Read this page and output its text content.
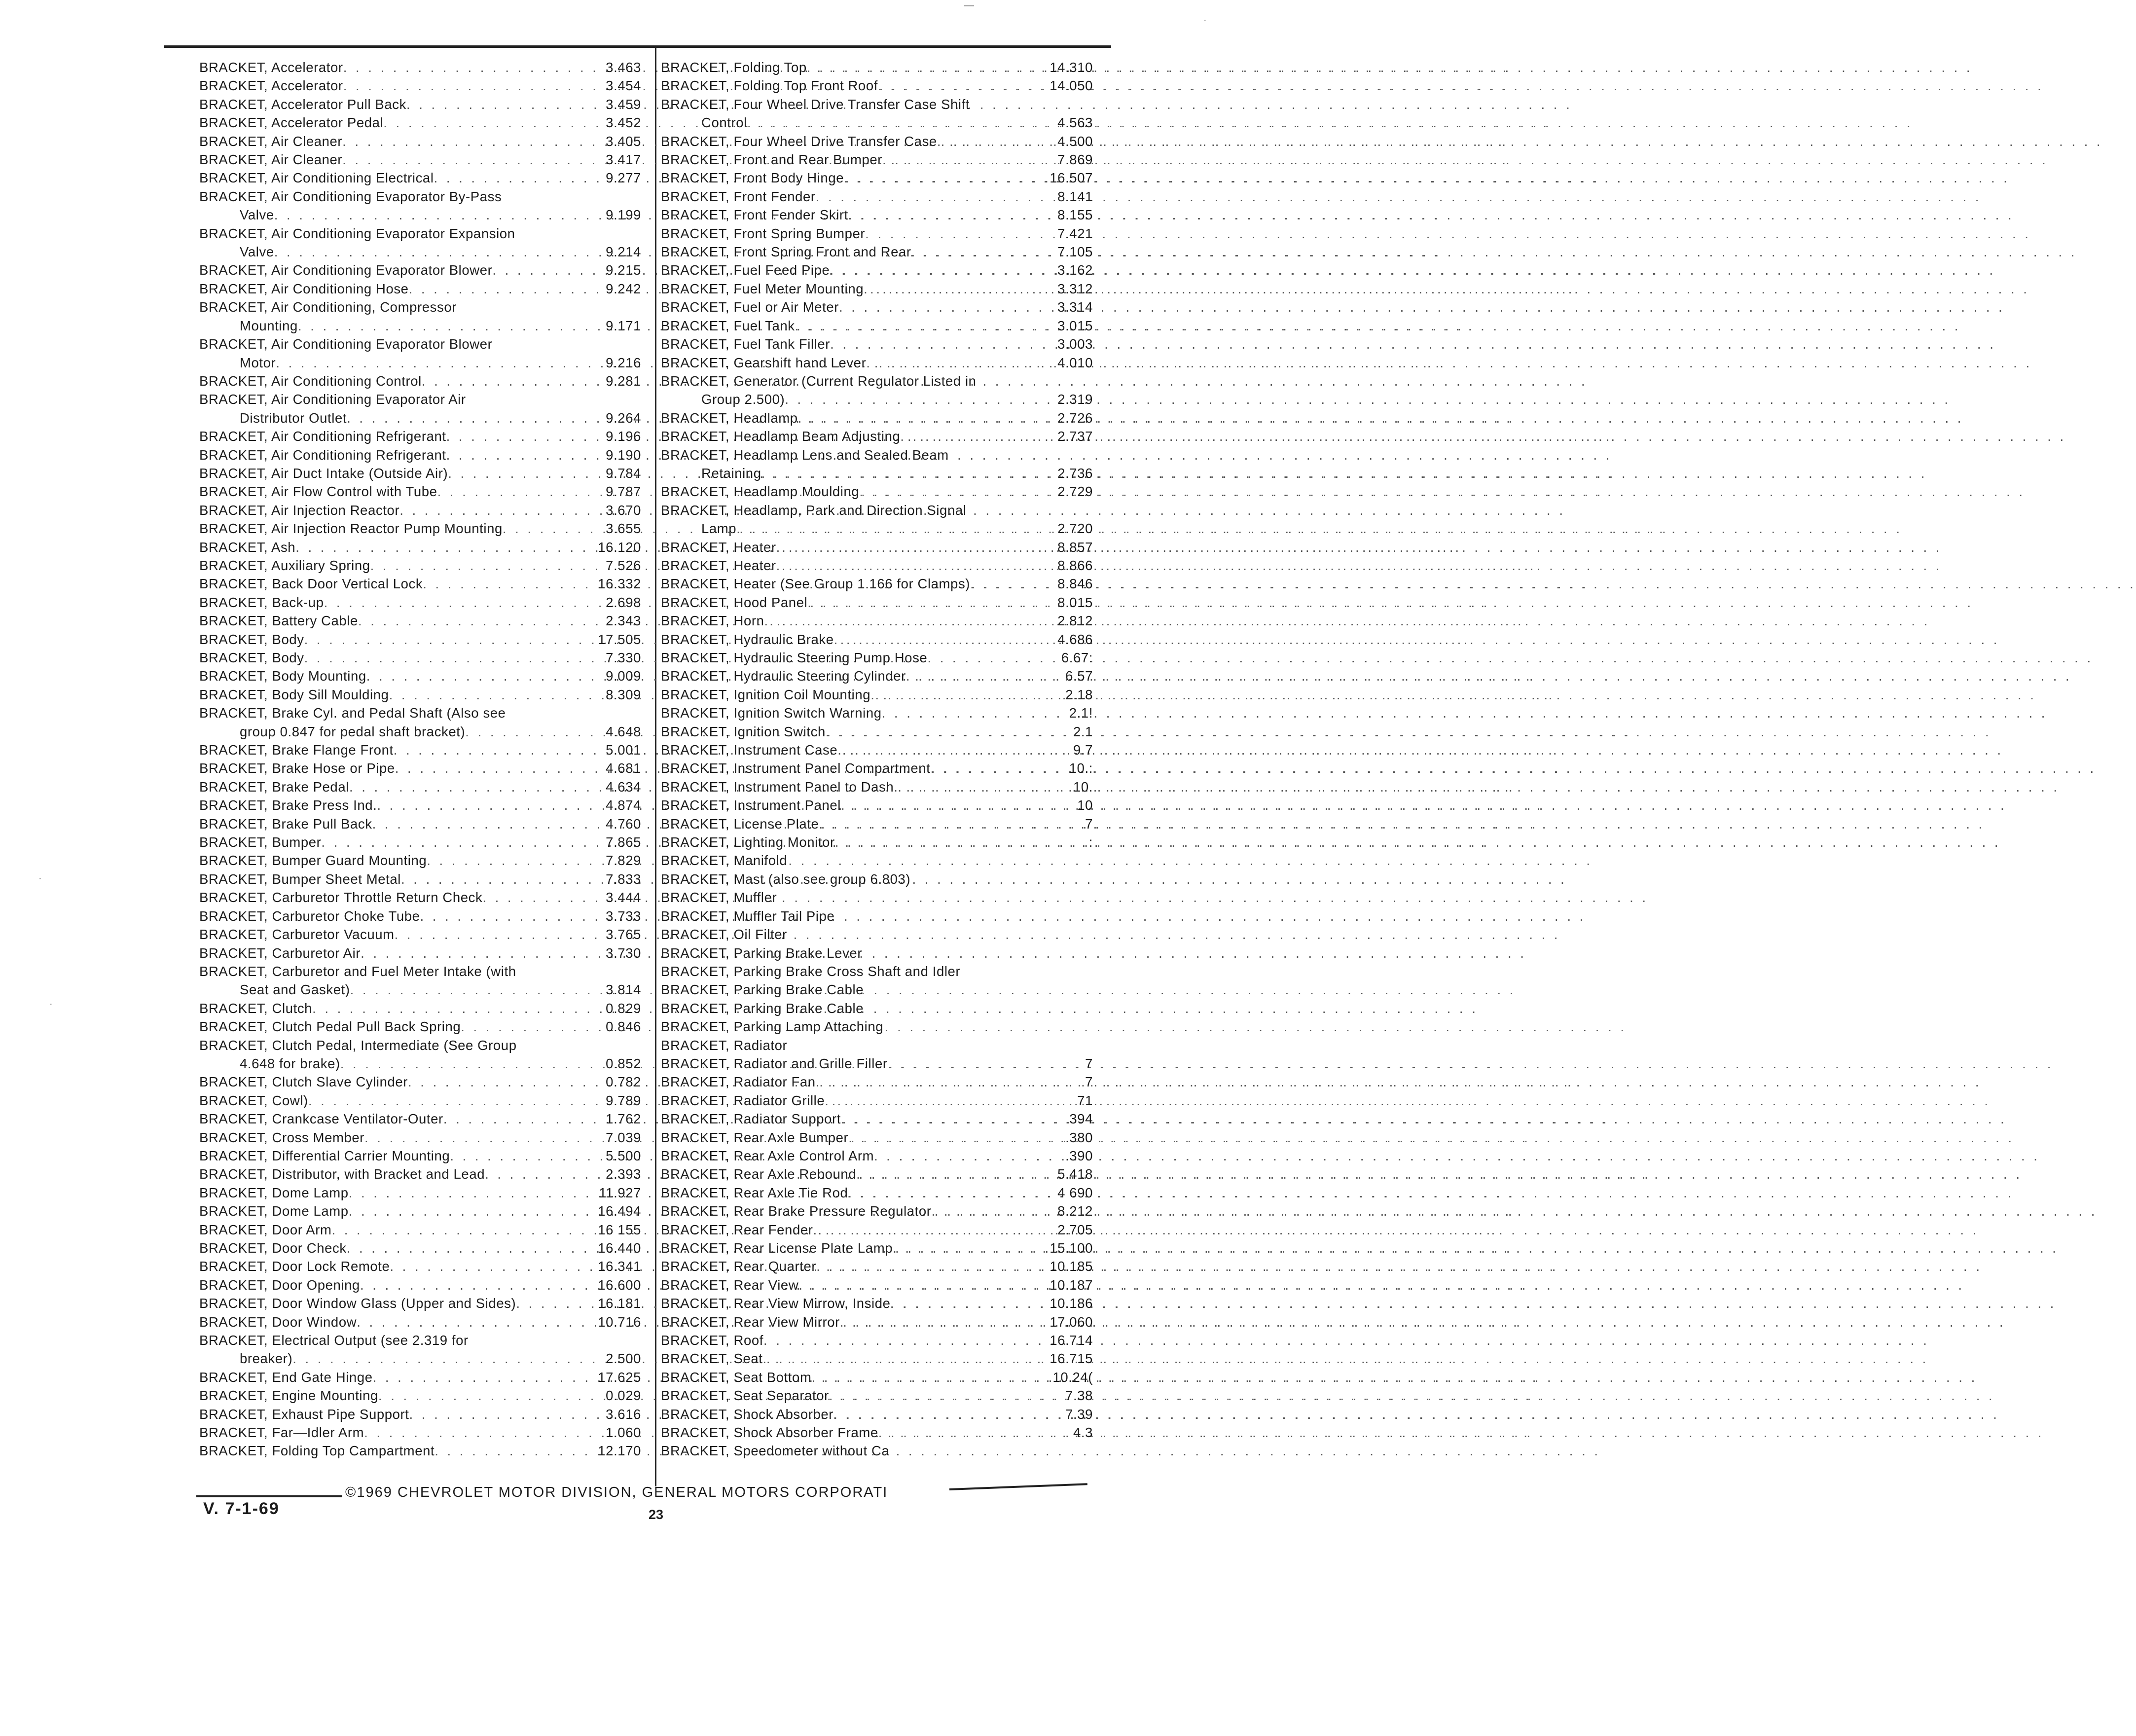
BRACKET, Accelerator . . .	3.463
BRACKET, Accelerator . . .	3.454
BRACKET, Accelerator Pull Back . . .	3.459
BRACKET, Accelerator Pedal . . .	3.452
BRACKET, Air Cleaner . . .	3.405
BRACKET, Air Cleaner . . .	3.417
BRACKET, Air Conditioning Electrical . . .	9.277
BRACKET, Air Conditioning Evaporator By-Pass
Valve . . .	9.199
BRACKET, Air Conditioning Evaporator Expansion
Valve . . .	9.214
BRACKET, Air Conditioning Evaporator Blower . . .	9.215
BRACKET, Air Conditioning Hose . . .	9.242
BRACKET, Air Conditioning, Compressor
Mounting . . .	9.171
BRACKET, Air Conditioning Evaporator Blower
Motor . . .	9.216
BRACKET, Air Conditioning Control . . .	9.281
BRACKET, Air Conditioning Evaporator Air
Distributor Outlet . . .	9.264
BRACKET, Air Conditioning Refrigerant . . .	9.196
BRACKET, Air Conditioning Refrigerant . . .	9.190
BRACKET, Air Duct Intake (Outside Air) . . .	9.784
BRACKET, Air Flow Control with Tube . . .	9.787
BRACKET, Air Injection Reactor . . .	3.670
BRACKET, Air Injection Reactor Pump Mounting . . .	3.655
BRACKET, Ash . . .	16.120
BRACKET, Auxiliary Spring . . .	7.526
BRACKET, Back Door Vertical Lock . . .	16.332
BRACKET, Back-up . . .	2.698
BRACKET, Battery Cable . . .	2.343
BRACKET, Body . . .	17.505
BRACKET, Body . . .	7.330
BRACKET, Body Mounting . . .	9.009
BRACKET, Body Sill Moulding . . .	8.309
BRACKET, Brake Cyl. and Pedal Shaft (Also see
group 0.847 for pedal shaft bracket) . . .	4.648
BRACKET, Brake Flange Front . . .	5.001
BRACKET, Brake Hose or Pipe . . .	4.681
BRACKET, Brake Pedal . . .	4.634
BRACKET, Brake Press Ind. . . .	4.874
BRACKET, Brake Pull Back . . .	4.760
BRACKET, Bumper . . .	7.865
BRACKET, Bumper Guard Mounting . . .	7.829
BRACKET, Bumper Sheet Metal . . .	7.833
BRACKET, Carburetor Throttle Return Check . . .	3.444
BRACKET, Carburetor Choke Tube . . .	3.733
BRACKET, Carburetor Vacuum . . .	3.765
BRACKET, Carburetor Air . . .	3.730
BRACKET, Carburetor and Fuel Meter Intake (with
Seat and Gasket) . . .	3.814
BRACKET, Clutch . . .	0.829
BRACKET, Clutch Pedal Pull Back Spring . . .	0.846
BRACKET, Clutch Pedal, Intermediate (See Group
4.648 for brake) . . .	0.852
BRACKET, Clutch Slave Cylinder . . .	0.782
BRACKET, Cowl) . . .	9.789
BRACKET, Crankcase Ventilator-Outer . . .	1.762
BRACKET, Cross Member . . .	7.039
BRACKET, Differential Carrier Mounting . . .	5.500
BRACKET, Distributor, with Bracket and Lead . . .	2.393
BRACKET, Dome Lamp . . .	11.927
BRACKET, Dome Lamp . . .	16.494
BRACKET, Door Arm . . .	16 155
BRACKET, Door Check . . .	16.440
BRACKET, Door Lock Remote . . .	16.341
BRACKET, Door Opening . . .	16.600
BRACKET, Door Window Glass (Upper and Sides) . . .	16.181
BRACKET, Door Window . . .	10.716
BRACKET, Electrical Output (see 2.319 for
breaker) . . .	2.500
BRACKET, End Gate Hinge . . .	17.625
BRACKET, Engine Mounting . . .	0.029
BRACKET, Exhaust Pipe Support . . .	3.616
BRACKET, Far—Idler Arm . . .	1.060
BRACKET, Folding Top Campartment . . .	12.170
BRACKET, Folding Top . . .	14.310
BRACKET, Folding Top Front Roof . . .	14.050
BRACKET, Four Wheel Drive Transfer Case Shift
Control . . .	4.563
BRACKET, Four Wheel Drive Transfer Case . . .	4.500
BRACKET, Front and Rear Bumper . . .	7.869
BRACKET, Front Body Hinge . . .	16.507
BRACKET, Front Fender . . .	8.141
BRACKET, Front Fender Skirt . . .	8.155
BRACKET, Front Spring Bumper . . .	7.421
BRACKET, Front Spring Front and Rear . . .	7.105
BRACKET, Fuel Feed Pipe . . .	3.162
BRACKET, Fuel Meter Mounting . . .	3.312
BRACKET, Fuel or Air Meter . . .	3.314
BRACKET, Fuel Tank . . .	3.015
BRACKET, Fuel Tank Filler . . .	3.003
BRACKET, Gearshift hand Lever . . .	4.010
BRACKET, Generator (Current Regulator Listed in
Group 2.500) . . .	2.319
BRACKET, Headlamp . . .	2.726
BRACKET, Headlamp Beam Adjusting . . .	2.737
BRACKET, Headlamp Lens and Sealed Beam
Retaining . . .	2.736
BRACKET, Headlamp Moulding . . .	2.729
BRACKET, Headlamp, Park and Direction Signal
Lamp . . .	2.720
BRACKET, Heater . . .	8.857
BRACKET, Heater . . .	8.866
BRACKET, Heater (See Group 1.166 for Clamps) . . .	8.846
BRACKET, Hood Panel . . .	8.015
BRACKET, Horn . . .	2.812
BRACKET, Hydraulic Brake . . .	4.686
BRACKET, Hydraulic Steering Pump Hose . . .	6.67:
BRACKET, Hydraulic Steering Cylinder . . .	6.57
BRACKET, Ignition Coil Mounting . . .	2.18
BRACKET, Ignition Switch Warning . . .	2.1!
BRACKET, Ignition Switch . . .	2.1
BRACKET, Instrument Case . . .	9.7
BRACKET, Instrument Panel Compartment . . .	10.:
BRACKET, Instrument Panel to Dash . . .	10.
BRACKET, Instrument Panel . . .	10
BRACKET, License Plate . . .	7
BRACKET, Lighting Monitor . . .	:
BRACKET, Manifold
BRACKET, Mast (also see group 6.803)
BRACKET, Muffler
BRACKET, Muffler Tail Pipe
BRACKET, Oil Filter
BRACKET, Parking Brake Lever
BRACKET, Parking Brake Cross Shaft and Idler
BRACKET, Parking Brake Cable
BRACKET, Parking Brake Cable
BRACKET, Parking Lamp Attaching
BRACKET, Radiator
BRACKET, Radiator and Grille Filler . . .	7
BRACKET, Radiator Fan . . .	7
BRACKET, Radiator Grille . . .	71
BRACKET, Radiator Support . . .	394
BRACKET, Rear Axle Bumper . . .	.380
BRACKET, Rear Axle Control Arm . . .	.390
BRACKET, Rear Axle Rebound . . .	5.418
BRACKET, Rear Axle Tie Rod . . .	4 690
BRACKET, Rear Brake Pressure Regulator . . .	8.212
BRACKET, Rear Fender . . .	2.705
BRACKET, Rear License Plate Lamp . . .	15.100
BRACKET, Rear Quarter . . .	10.185
BRACKET, Rear View . . .	10.187
BRACKET, Rear View Mirrow, Inside . . .	10.186
BRACKET, Rear View Mirror . . .	17.060
BRACKET, Roof . . .	16.714
BRACKET, Seat . . .	16.715
BRACKET, Seat Bottom . . .	10.24(
BRACKET, Seat Separator . . .	7.38
BRACKET, Shock Absorber . . .	7.39
BRACKET, Shock Absorber Frame . . .	4.3
BRACKET, Speedometer without Ca
©1969 CHEVROLET MOTOR DIVISION, GENERAL MOTORS CORPORATI
V. 7-1-69	23
—
·
·
·
